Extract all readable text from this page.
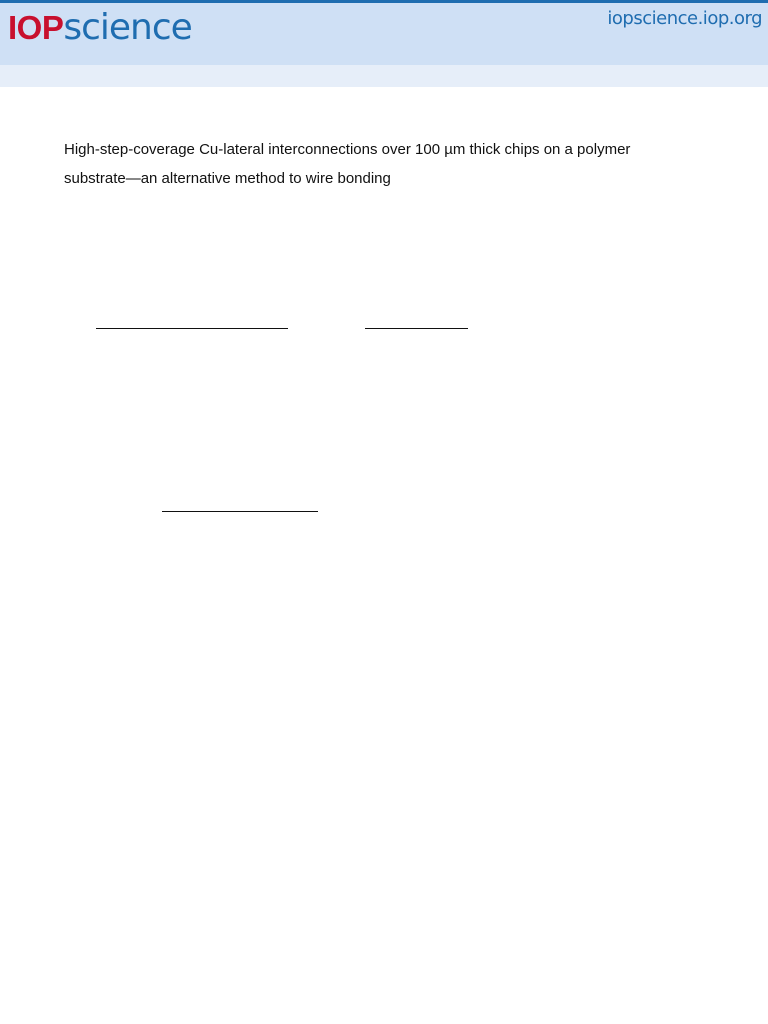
IOPscience	iopscience.iop.org
High-step-coverage Cu-lateral interconnections over 100 µm thick chips on a polymer substrate—an alternative method to wire bonding
